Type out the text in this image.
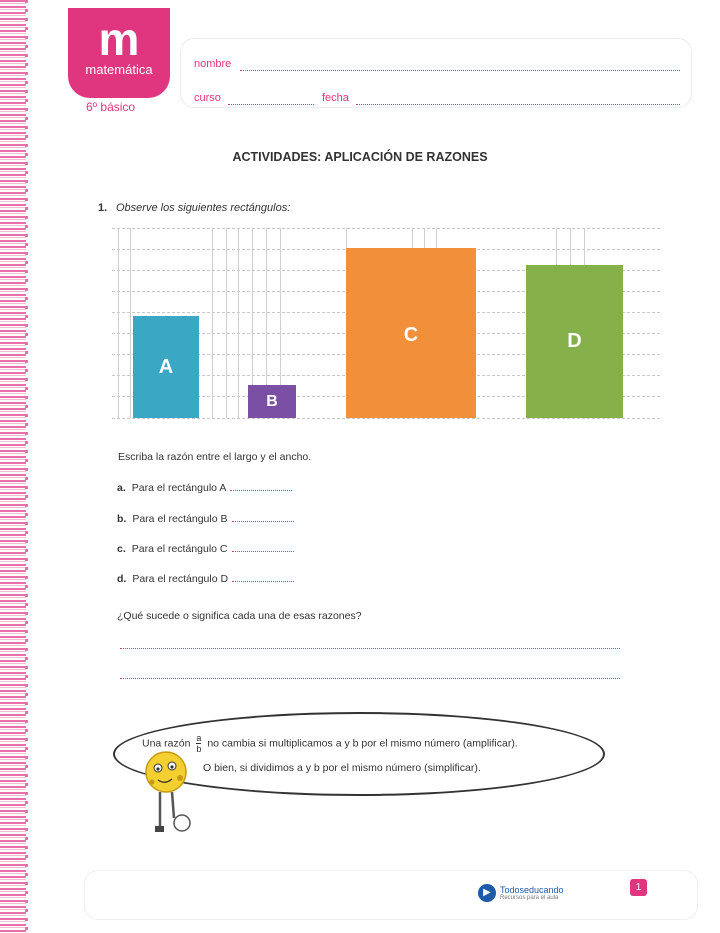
m
matemática
6º básico
nombre
curso	fecha
ACTIVIDADES: APLICACIÓN DE RAZONES
1. Observe los siguientes rectángulos:
A
B
C	D
Escriba la razón entre el largo y el ancho.
a. Para el rectángulo A
b. Para el rectángulo B
c. Para el rectángulo C
d. Para el rectángulo D
¿Qué sucede o significa cada una de esas razones?
Una razón $\frac{a}{b}$ no cambia si multiplicamos a y b por el mismo número (amplificar).
O bien, si dividimos a y b por el mismo número (simplificar).
▶	Todoseducando
Recursos para el aula
1
